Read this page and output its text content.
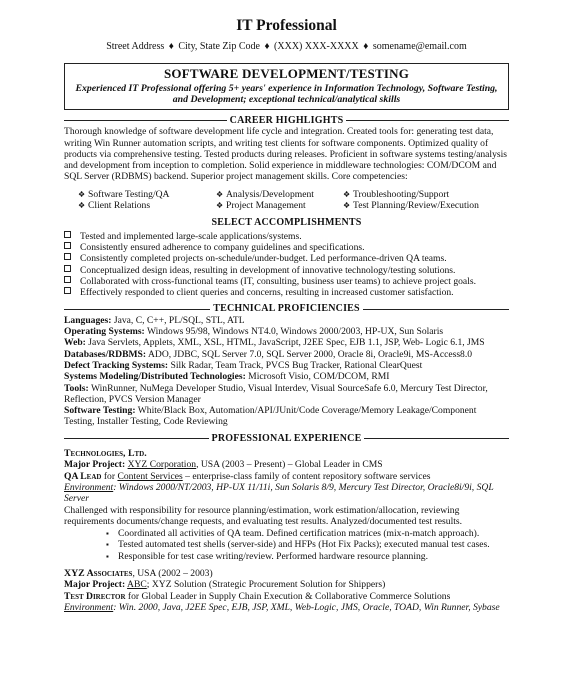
IT Professional
Street Address ♦ City, State Zip Code ♦ (XXX) XXX-XXXX ♦ somename@email.com
SOFTWARE DEVELOPMENT/TESTING
Experienced IT Professional offering 5+ years' experience in Information Technology, Software Testing, and Development; exceptional technical/analytical skills
CAREER HIGHLIGHTS
Thorough knowledge of software development life cycle and integration. Created tools for: generating test data, writing Win Runner automation scripts, and writing test clients for software components. Optimized quality of products via comprehensive testing. Tested products during releases. Proficient in software systems testing/analysis and development from inception to completion. Solid experience in middleware technologies: COM/DCOM and SQL Server (RDBMS) backend. Superior project management skills. Core competencies:
❖ Software Testing/QA	❖ Analysis/Development	❖ Troubleshooting/Support
❖ Client Relations	❖ Project Management	❖ Test Planning/Review/Execution
SELECT ACCOMPLISHMENTS
Tested and implemented large-scale applications/systems.
Consistently ensured adherence to company guidelines and specifications.
Consistently completed projects on-schedule/under-budget. Led performance-driven QA teams.
Conceptualized design ideas, resulting in development of innovative technology/testing solutions.
Collaborated with cross-functional teams (IT, consulting, business user teams) to achieve project goals.
Effectively responded to client queries and concerns, resulting in increased customer satisfaction.
TECHNICAL PROFICIENCIES
Languages: Java, C, C++, PL/SQL, STL, ATL
Operating Systems: Windows 95/98, Windows NT4.0, Windows 2000/2003, HP-UX, Sun Solaris
Web: Java Servlets, Applets, XML, XSL, HTML, JavaScript, J2EE Spec, EJB 1.1, JSP, Web- Logic 6.1, JMS
Databases/RDBMS: ADO, JDBC, SQL Server 7.0, SQL Server 2000, Oracle 8i, Oracle9i, MS-Access8.0
Defect Tracking Systems: Silk Radar, Team Track, PVCS Bug Tracker, Rational ClearQuest
Systems Modeling/Distributed Technologies: Microsoft Visio, COM/DCOM, RMI
Tools: WinRunner, NuMega Developer Studio, Visual Interdev, Visual SourceSafe 6.0, Mercury Test Director, Reflection, PVCS Version Manager
Software Testing: White/Black Box, Automation/API/JUnit/Code Coverage/Memory Leakage/Component Testing, Installer Testing, Code Reviewing
PROFESSIONAL EXPERIENCE
Technologies, Ltd.
Major Project: XYZ Corporation, USA (2003 – Present) – Global Leader in CMS
QA Lead for Content Services – enterprise-class family of content repository software services
Environment: Windows 2000/NT/2003, HP-UX 11/11i, Sun Solaris 8/9, Mercury Test Director, Oracle8i/9i, SQL Server
Challenged with responsibility for resource planning/estimation, work estimation/allocation, reviewing requirements documents/change requests, and evaluating test results. Analyzed/documented test results.
▪ Coordinated all activities of QA team. Defined certification matrices (mix-n-match approach).
▪ Tested automated test shells (server-side) and HFPs (Hot Fix Packs); executed manual test cases.
▪ Responsible for test case writing/review. Performed hardware resource planning.
XYZ Associates, USA (2002 – 2003)
Major Project: ABC; XYZ Solution (Strategic Procurement Solution for Shippers)
Test Director for Global Leader in Supply Chain Execution & Collaborative Commerce Solutions
Environment: Win. 2000, Java, J2EE Spec, EJB, JSP, XML, Web-Logic, JMS, Oracle, TOAD, Win Runner, Sybase
